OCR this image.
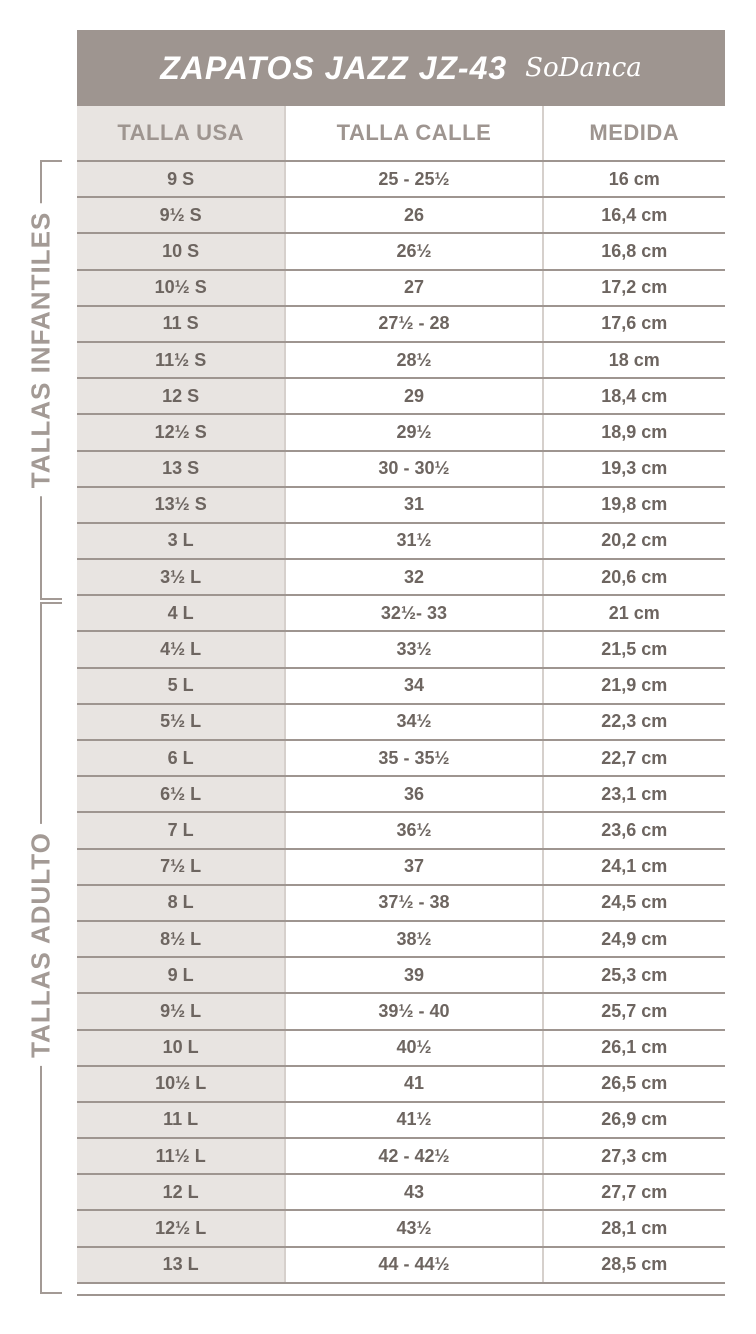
ZAPATOS JAZZ JZ-43 SoDanca
TALLA USA	TALLA CALLE	MEDIDA
9 S	25 - 25½	16 cm
9½ S	26	16,4 cm
10 S	26½	16,8 cm
10½ S	27	17,2 cm
11 S	27½ - 28	17,6 cm
11½ S	28½	18 cm
12 S	29	18,4 cm
12½ S	29½	18,9 cm
13 S	30 - 30½	19,3 cm
13½ S	31	19,8 cm
3 L	31½	20,2 cm
3½ L	32	20,6 cm
4 L	32½- 33	21 cm
4½ L	33½	21,5 cm
5 L	34	21,9 cm
5½ L	34½	22,3 cm
6 L	35 - 35½	22,7 cm
6½ L	36	23,1 cm
7 L	36½	23,6 cm
7½ L	37	24,1 cm
8 L	37½ - 38	24,5 cm
8½ L	38½	24,9 cm
9 L	39	25,3 cm
9½ L	39½ - 40	25,7 cm
10 L	40½	26,1 cm
10½ L	41	26,5 cm
11 L	41½	26,9 cm
11½ L	42 - 42½	27,3 cm
12 L	43	27,7 cm
12½ L	43½	28,1 cm
13 L	44 - 44½	28,5 cm
TALLAS INFANTILES
TALLAS ADULTO
